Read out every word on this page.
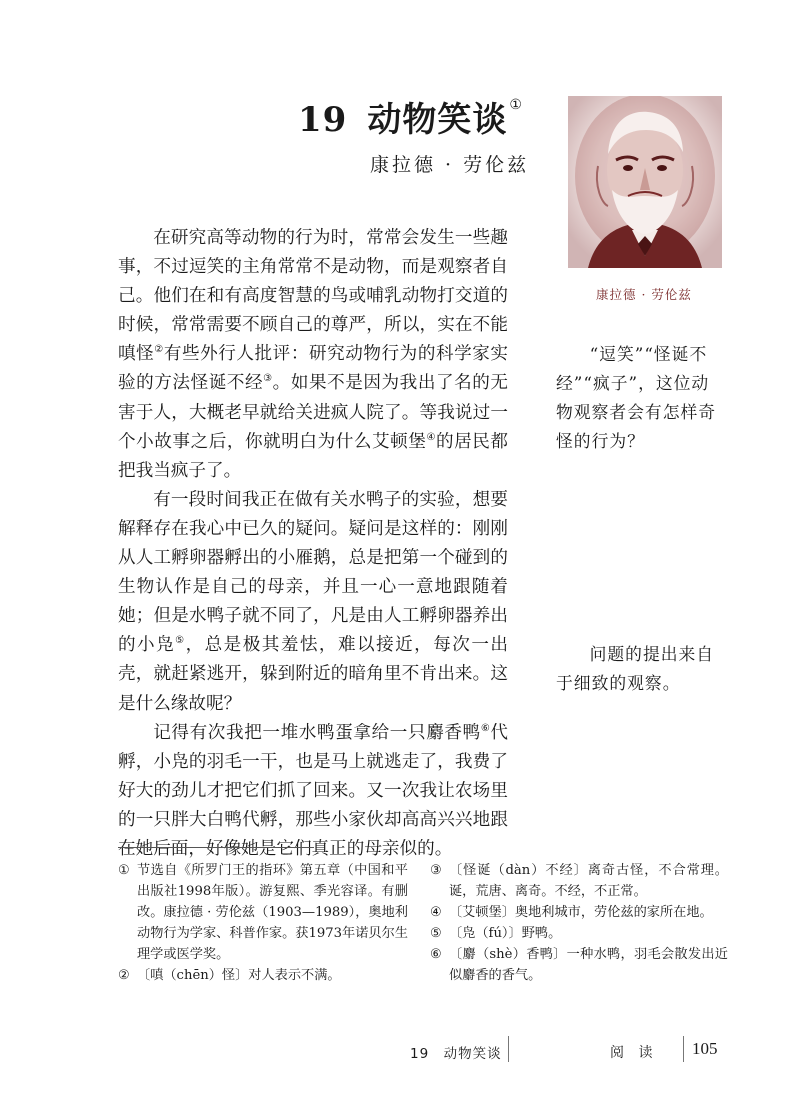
19 动物笑谈 ①
康拉德 · 劳伦兹
康拉德 · 劳伦兹

在研究高等动物的行为时，常常会发生一些趣事，不过逗笑的主角常常不是动物，而是观察者自己。他们在和有高度智慧的鸟或哺乳动物打交道的时候，常常需要不顾自己的尊严，所以，实在不能嗔怪②有些外行人批评：研究动物行为的科学家实验的方法怪诞不经③。如果不是因为我出了名的无害于人，大概老早就给关进疯人院了。等我说过一个小故事之后，你就明白为什么艾顿堡④的居民都把我当疯子了。

有一段时间我正在做有关水鸭子的实验，想要解释存在我心中已久的疑问。疑问是这样的：刚刚从人工孵卵器孵出的小雁鹅，总是把第一个碰到的生物认作是自己的母亲，并且一心一意地跟随着她；但是水鸭子就不同了，凡是由人工孵卵器养出的小凫⑤，总是极其羞怯，难以接近，每次一出壳，就赶紧逃开，躲到附近的暗角里不肯出来。这是什么缘故呢？

记得有次我把一堆水鸭蛋拿给一只麝香鸭⑥代孵，小凫的羽毛一干，也是马上就逃走了，我费了好大的劲儿才把它们抓了回来。又一次我让农场里的一只胖大白鸭代孵，那些小家伙却高高兴兴地跟在她后面，好像她是它们真正的母亲似的。

“逗笑”“怪诞不经”“疯子”，这位动物观察者会有怎样奇怪的行为？

问题的提出来自于细致的观察。

① 节选自《所罗门王的指环》第五章（中国和平出版社1998年版）。游复熙、季光容译。有删改。康拉德 · 劳伦兹（1903—1989），奥地利动物行为学家、科普作家。获1973年诺贝尔生理学或医学奖。
② 〔嗔（chēn）怪〕对人表示不满。
③ 〔怪诞（dàn）不经〕离奇古怪，不合常理。诞，荒唐、离奇。不经，不正常。
④ 〔艾顿堡〕奥地利城市，劳伦兹的家所在地。
⑤ 〔凫（fú）〕野鸭。
⑥ 〔麝（shè）香鸭〕一种水鸭，羽毛会散发出近似麝香的香气。
19　动物笑谈	阅 读 105
